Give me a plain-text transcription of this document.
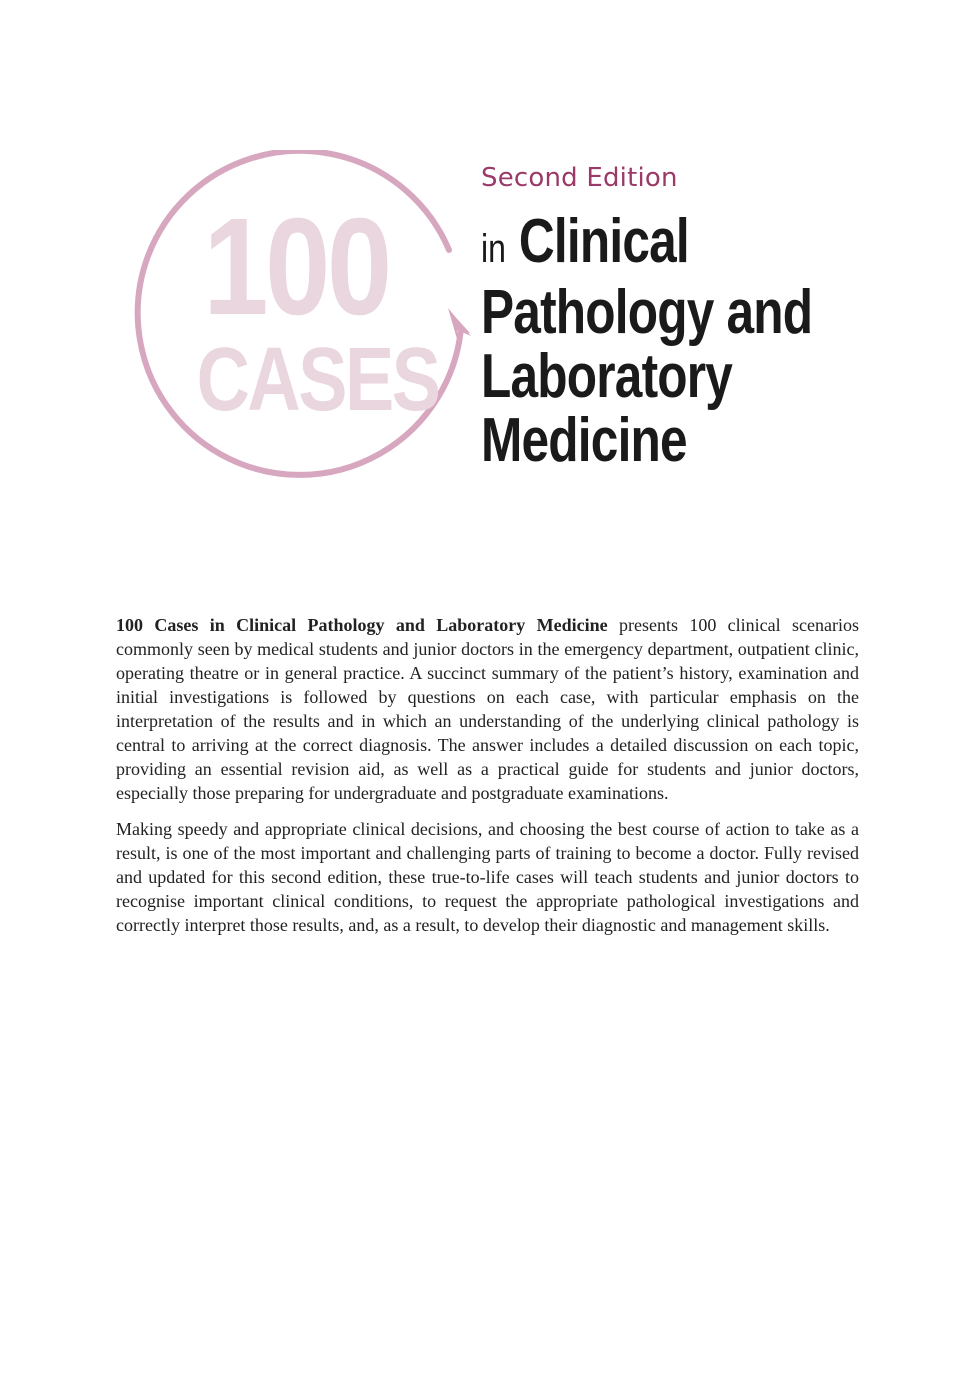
100
CASES
Second Edition
in Clinical
Pathology and
Laboratory
Medicine

100 Cases in Clinical Pathology and Laboratory Medicine presents 100 clinical scenarios commonly seen by medical students and junior doctors in the emergency department, outpatient clinic, operating theatre or in general practice. A succinct summary of the patient’s history, examination and initial investigations is followed by questions on each case, with particular emphasis on the interpretation of the results and in which an understanding of the underlying clinical pathology is central to arriving at the correct diagnosis. The answer includes a detailed discussion on each topic, providing an essential revision aid, as well as a practical guide for students and junior doctors, especially those preparing for undergraduate and postgraduate examinations.

Making speedy and appropriate clinical decisions, and choosing the best course of action to take as a result, is one of the most important and challenging parts of training to become a doctor. Fully revised and updated for this second edition, these true-to-life cases will teach students and junior doctors to recognise important clinical conditions, to request the appropriate pathological investigations and correctly interpret those results, and, as a result, to develop their diagnostic and management skills.
